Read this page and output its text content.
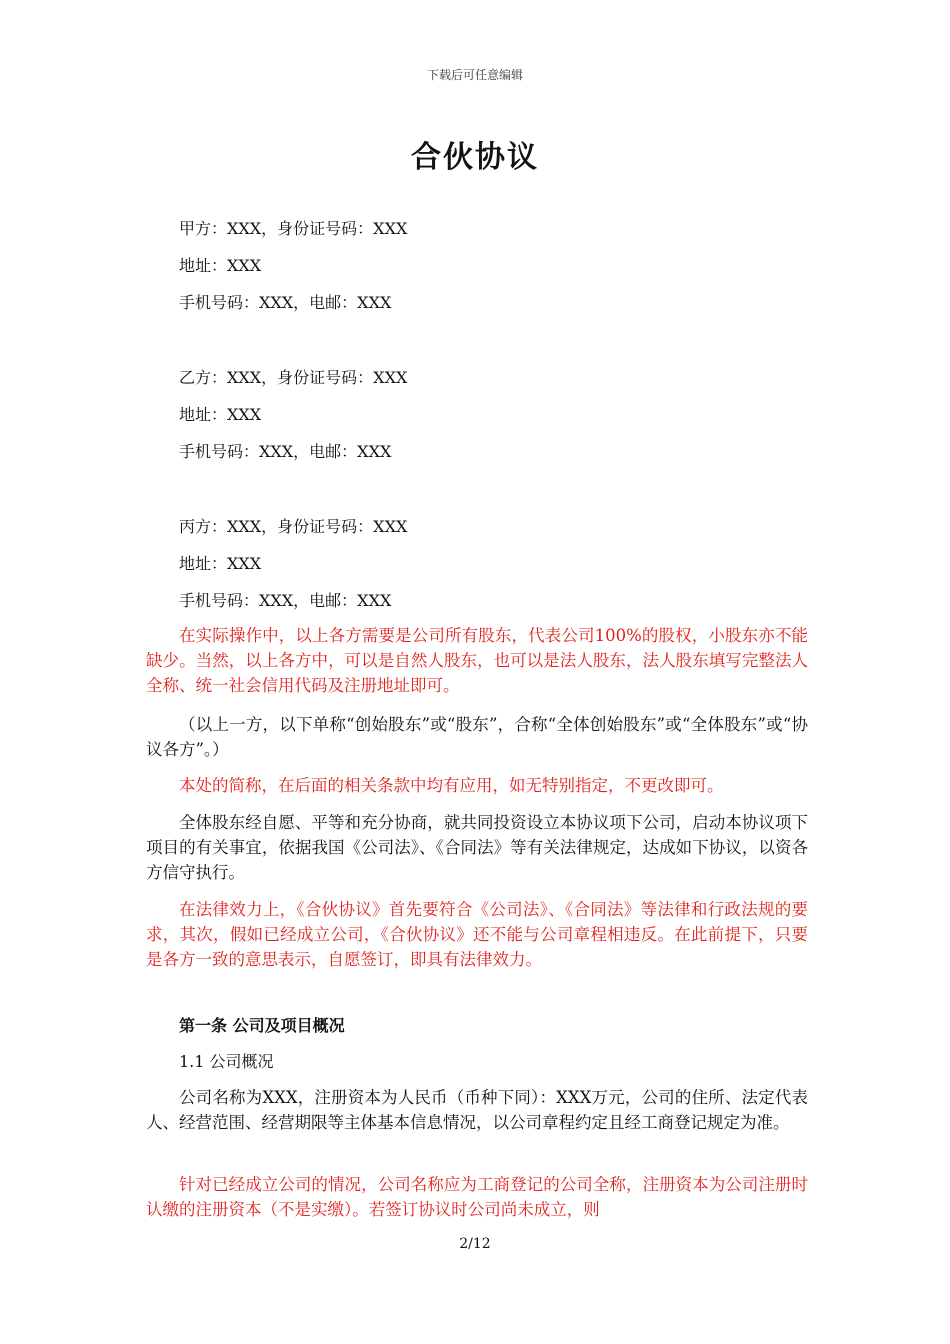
下载后可任意编辑
合伙协议
甲方：XXX，身份证号码：XXX
地址：XXX
手机号码：XXX，电邮：XXX
乙方：XXX，身份证号码：XXX
地址：XXX
手机号码：XXX，电邮：XXX
丙方：XXX，身份证号码：XXX
地址：XXX
手机号码：XXX，电邮：XXX
在实际操作中，以上各方需要是公司所有股东，代表公司100%的股权，小股东亦不能缺少。当然，以上各方中，可以是自然人股东，也可以是法人股东，法人股东填写完整法人全称、统一社会信用代码及注册地址即可。
（以上一方，以下单称“创始股东”或“股东”，合称“全体创始股东”或“全体股东”或“协议各方”。）
本处的简称，在后面的相关条款中均有应用，如无特别指定，不更改即可。
全体股东经自愿、平等和充分协商，就共同投资设立本协议项下公司，启动本协议项下项目的有关事宜，依据我国《公司法》、《合同法》等有关法律规定，达成如下协议，以资各方信守执行。
在法律效力上，《合伙协议》首先要符合《公司法》、《合同法》等法律和行政法规的要求，其次，假如已经成立公司，《合伙协议》还不能与公司章程相违反。在此前提下，只要是各方一致的意思表示，自愿签订，即具有法律效力。
第一条 公司及项目概况
1.1 公司概况
公司名称为XXX，注册资本为人民币（币种下同）：XXX万元，公司的住所、法定代表人、经营范围、经营期限等主体基本信息情况，以公司章程约定且经工商登记规定为准。
针对已经成立公司的情况，公司名称应为工商登记的公司全称，注册资本为公司注册时认缴的注册资本（不是实缴）。若签订协议时公司尚未成立，则
2/12
